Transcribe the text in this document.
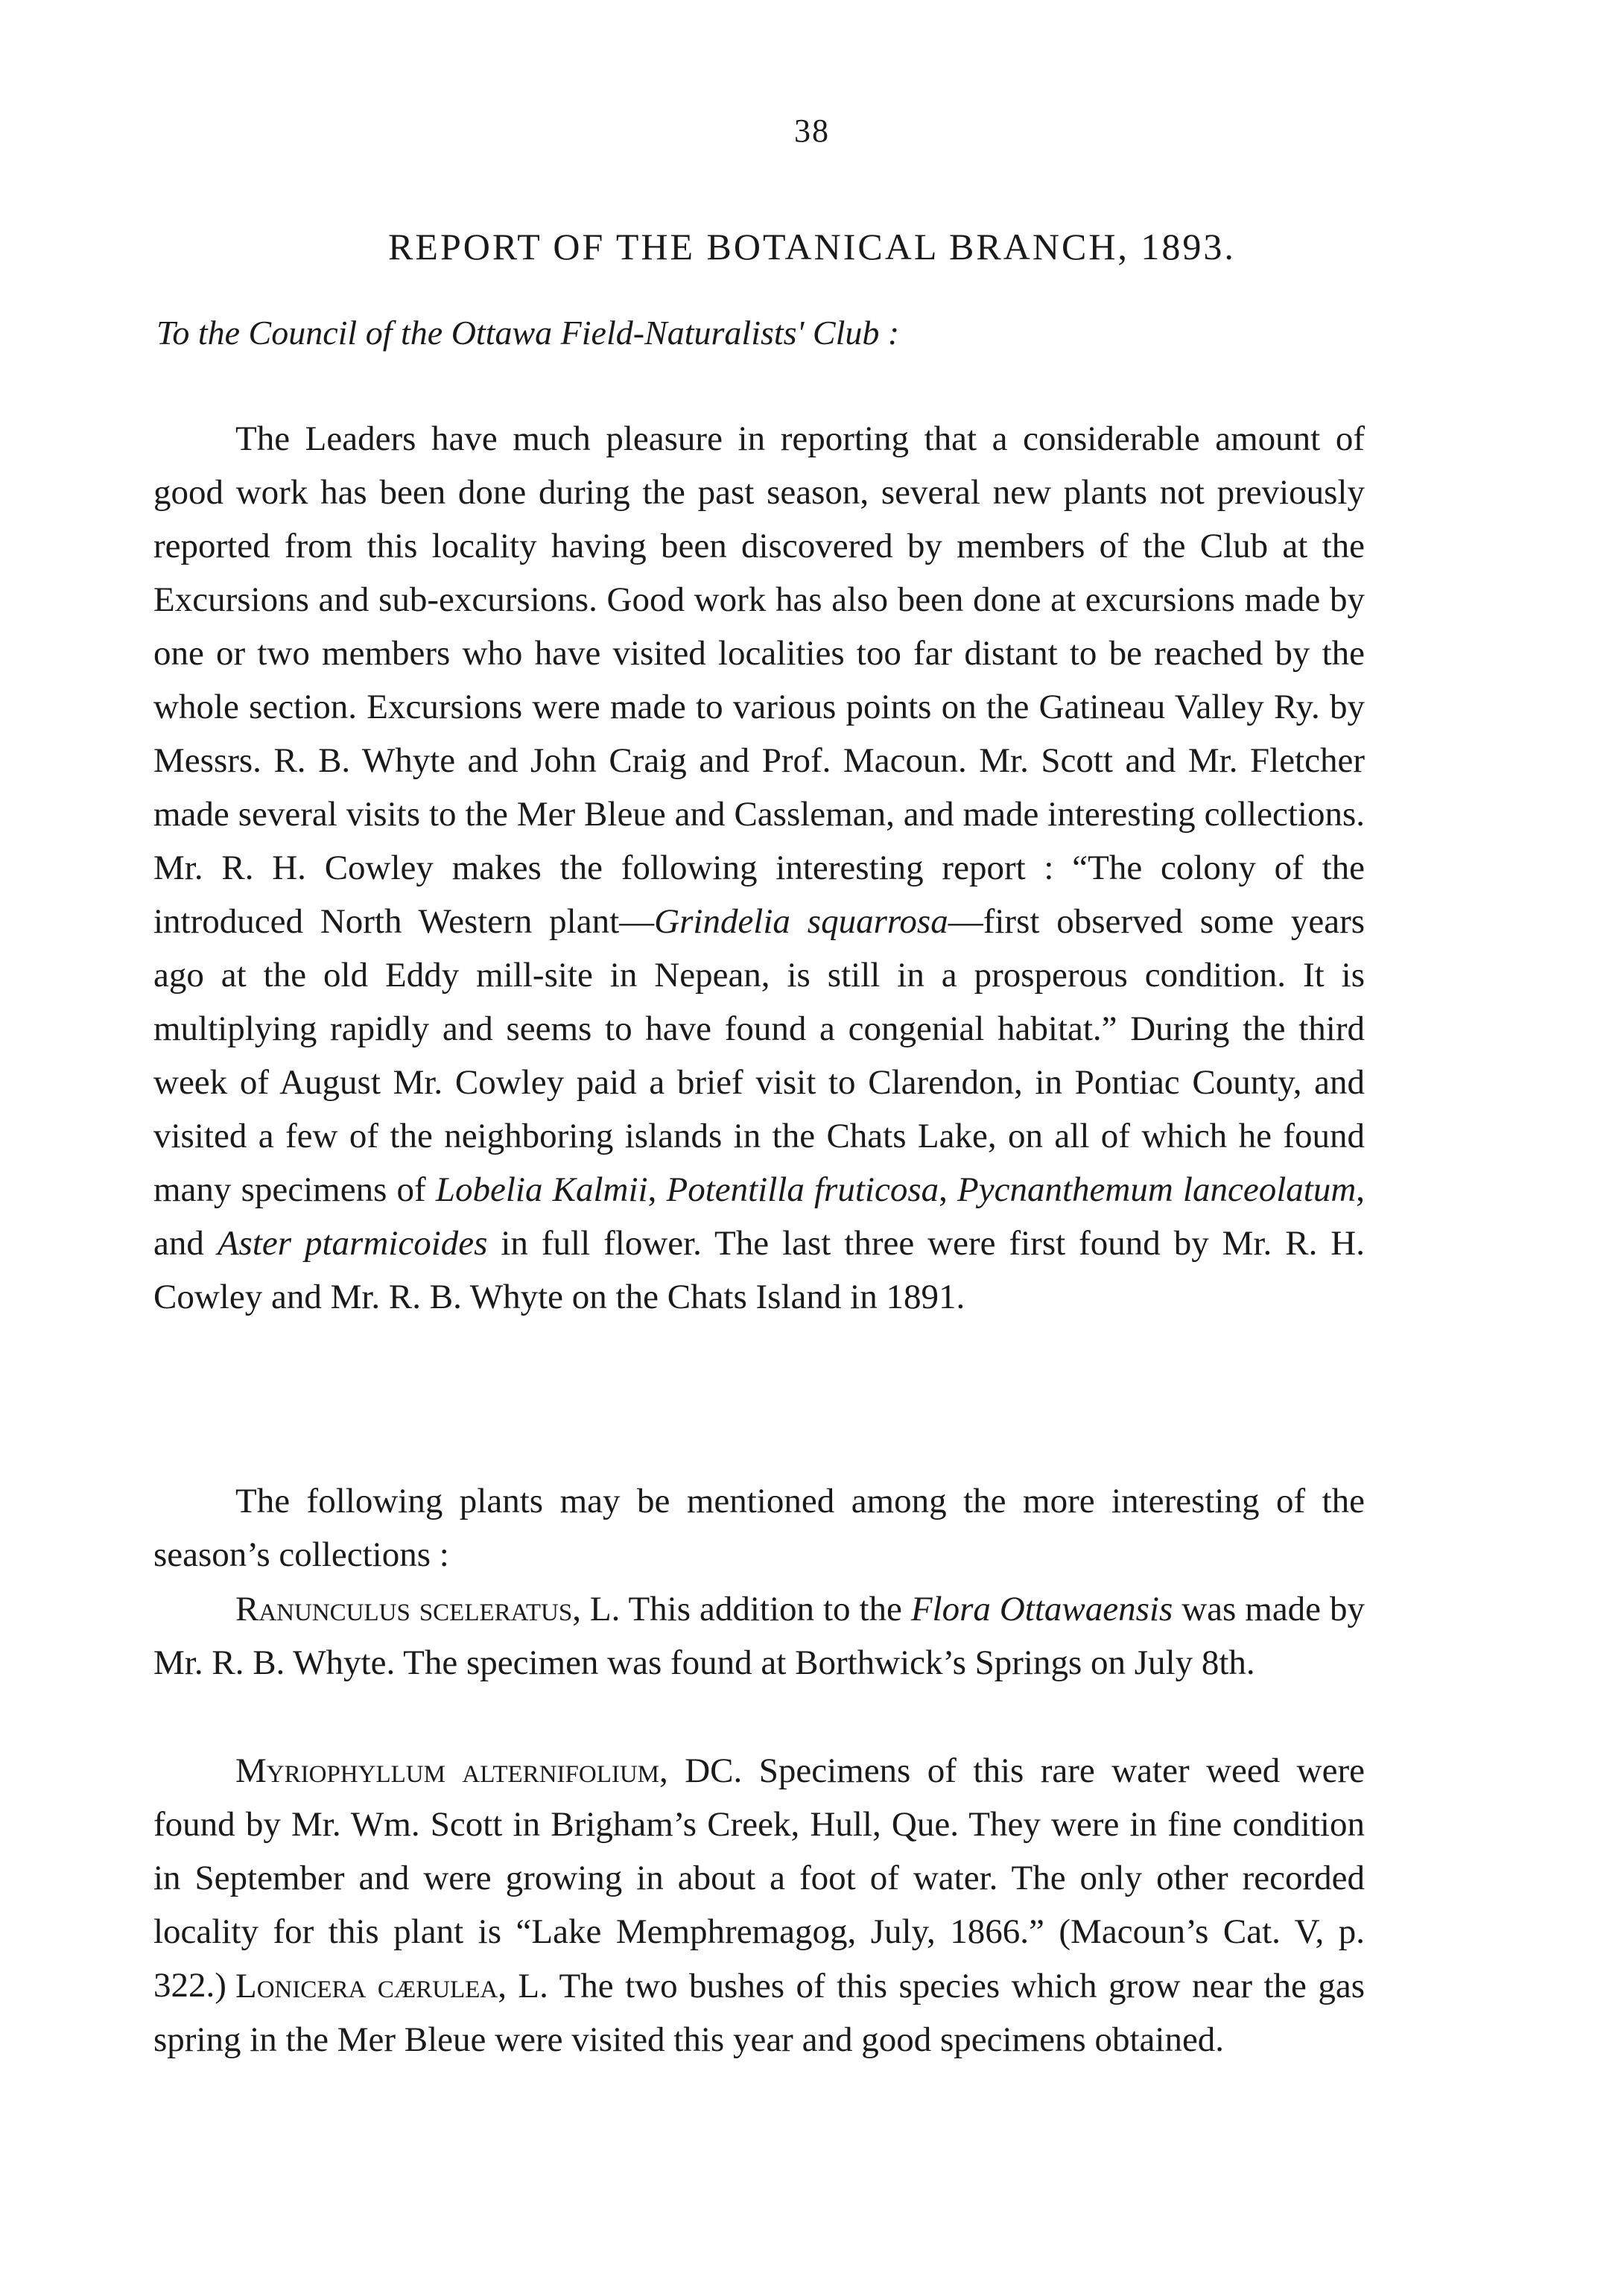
38
REPORT OF THE BOTANICAL BRANCH, 1893.
To the Council of the Ottawa Field-Naturalists' Club :

The Leaders have much pleasure in reporting that a considerable amount of good work has been done during the past season, several new plants not previously reported from this locality having been discovered by members of the Club at the Excursions and sub-excursions. Good work has also been done at excursions made by one or two members who have visited localities too far distant to be reached by the whole section. Excursions were made to various points on the Gatineau Valley Ry. by Messrs. R. B. Whyte and John Craig and Prof. Macoun. Mr. Scott and Mr. Fletcher made several visits to the Mer Bleue and Cassleman, and made interesting collections. Mr. R. H. Cowley makes the following interesting report : “The colony of the introduced North Western plant—Grindelia squarrosa—first observed some years ago at the old Eddy mill-site in Nepean, is still in a prosperous condition. It is multiplying rapidly and seems to have found a congenial habitat.” During the third week of August Mr. Cowley paid a brief visit to Clarendon, in Pontiac County, and visited a few of the neighboring islands in the Chats Lake, on all of which he found many specimens of Lobelia Kalmii, Potentilla fruticosa, Pycnanthemum lanceolatum, and Aster ptarmicoides in full flower. The last three were first found by Mr. R. H. Cowley and Mr. R. B. Whyte on the Chats Island in 1891.

The following plants may be mentioned among the more interesting of the season’s collections :

Ranunculus sceleratus, L. This addition to the Flora Ottawaensis was made by Mr. R. B. Whyte. The specimen was found at Borthwick’s Springs on July 8th.

Myriophyllum alternifolium, DC. Specimens of this rare water weed were found by Mr. Wm. Scott in Brigham’s Creek, Hull, Que. They were in fine condition in September and were growing in about a foot of water. The only other recorded locality for this plant is “Lake Memphremagog, July, 1866.” (Macoun’s Cat. V, p. 322.) Lonicera cærulea, L. The two bushes of this species which grow near the gas spring in the Mer Bleue were visited this year and good specimens obtained.
